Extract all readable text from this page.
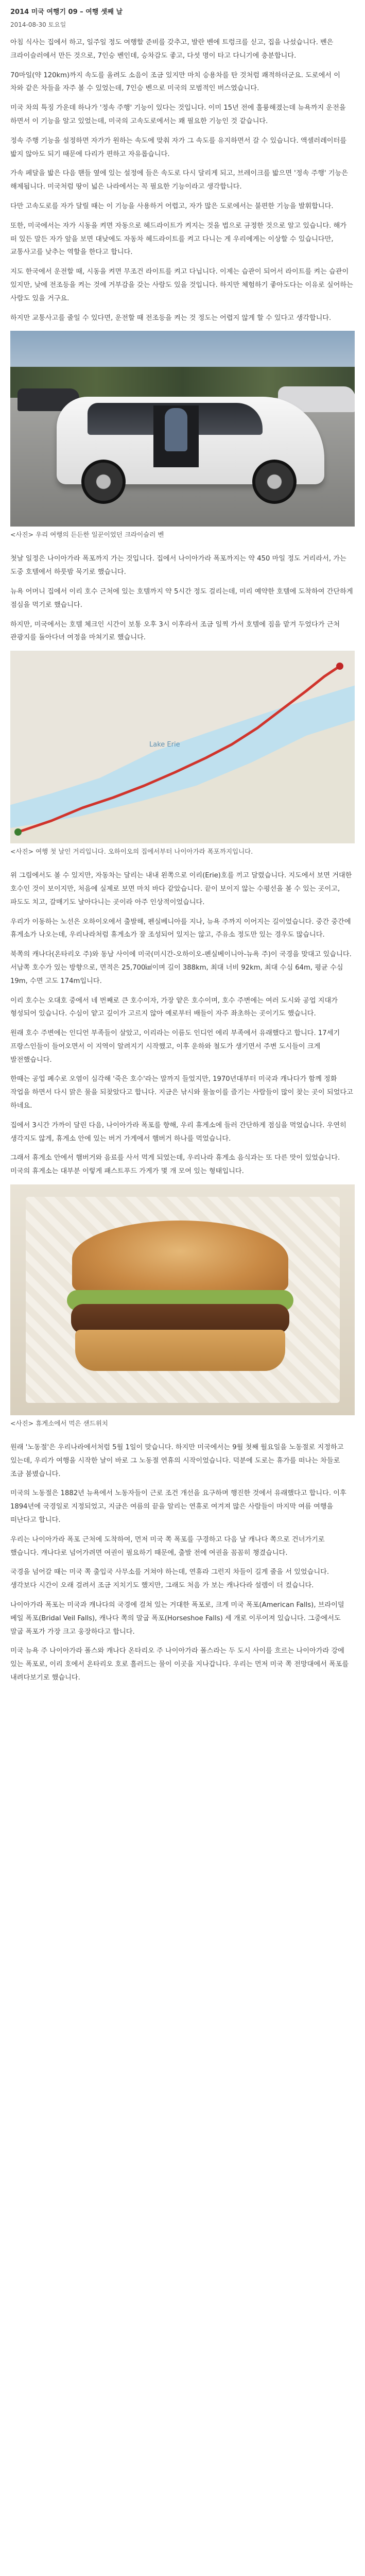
2014 미국 여행기 09 – 여행 셋째 날
2014-08-30 토요일

아침 식사는 집에서 하고, 일주일 정도 여행할 준비를 갖추고, 발란 벤에 트렁크를 싣고, 집을 나섰습니다. 벤은 크라이슬러에서 만든 것으로, 7인승 벤인데, 승차감도 좋고, 다섯 명이 타고 다니기에 충분합니다.

70마일(약 120km)까지 속도를 올려도 소음이 조금 있지만 마치 승용차를 탄 것처럼 쾌적하더군요. 도로에서 이 차와 같은 차들을 자주 볼 수 있었는데, 7인승 벤으로 미국의 모범적인 버스였습니다.

미국 차의 특징 가운데 하나가 '정속 주행' 기능이 있다는 것입니다. 이미 15년 전에 훌륭해졌는데 뉴욕까지 운전을 하면서 이 기능을 알고 있었는데, 미국의 고속도로에서는 꽤 필요한 기능인 것 같습니다.

정속 주행 기능을 설정하면 자가가 원하는 속도에 맞춰 자가 그 속도를 유지하면서 갈 수 있습니다. 액셀러레이터를 밟지 않아도 되기 때문에 다리가 편하고 자유롭습니다.

가속 페달을 밟은 다음 핸들 옆에 있는 설정에 들은 속도로 다시 달리게 되고, 브레이크를 밟으면 '정속 주행' 기능은 해제됩니다. 미국처럼 땅이 넓은 나라에서는 꼭 필요한 기능이라고 생각합니다.

다만 고속도로를 자가 달릴 때는 이 기능을 사용하거 어렵고, 자가 많은 도로에서는 불편한 기능을 발휘합니다.

또한, 미국에서는 자가 시동을 켜면 자동으로 헤드라이트가 켜지는 것을 법으로 규정한 것으로 알고 있습니다. 해가 떠 있든 말든 자가 앞을 보면 대낮에도 자동차 헤드라이트를 켜고 다니는 게 우리에게는 이상할 수 있습니다만, 교통사고를 낮추는 역할을 한다고 합니다.

지도 한국에서 운전할 때, 시동을 켜면 무조건 라이트를 켜고 다닙니다. 이제는 습관이 되어서 라이트를 켜는 습관이 있지만, 낮에 전조등을 켜는 것에 거부감을 갖는 사람도 있을 것입니다. 하지만 체험하기 좋아도다는 이유로 실어하는 사람도 있을 거구요.

하지만 교통사고를 줄일 수 있다면, 운전할 때 전조등을 켜는 것 정도는 어렵지 않게 할 수 있다고 생각합니다.

<사진> 우리 여행의 든든한 일꾼이었던 크라이슬러 벤

첫날 일정은 나이아가라 폭포까지 가는 것입니다. 집에서 나이아가라 폭포까지는 약 450 마일 정도 거리라서, 가는 도중 호텔에서 하룻밤 묵기로 했습니다.

뉴욕 어머니 집에서 이리 호수 근처에 있는 호텔까지 약 5시간 정도 걸리는데, 미리 예약한 호텔에 도착하여 간단하게 점심을 먹기로 했습니다.

하지만, 미국에서는 호텔 체크인 시간이 보통 오후 3시 이후라서 조금 일찍 가서 호텔에 짐을 맡겨 두었다가 근처 관광지를 돌아다녀 여정을 마쳐기로 했습니다.

Lake Erie
<사진> 여행 첫 날인 거리입니다. 오하이오의 집에서부터 나이아가라 폭포까지입니다.

위 그림에서도 볼 수 있지만, 자동차는 달리는 내내 왼쪽으로 이리(Erie)호를 끼고 달렸습니다. 지도에서 보면 거대한 호수인 것이 보이지만, 처음에 실제로 보면 마치 바다 같았습니다. 끝이 보이지 않는 수평선을 볼 수 있는 곳이고, 파도도 치고, 갈매기도 날아다니는 곳이라 아주 인상적이었습니다.

우리가 이동하는 노선은 오하이오에서 출발해, 펜실베니아를 지나, 뉴욕 주까지 이어지는 길이었습니다. 중간 중간에 휴게소가 나오는데, 우리나라처럼 휴게소가 잘 조성되어 있지는 않고, 주유소 정도만 있는 경우도 많습니다.

북쪽의 캐나다(온타리오 주)와 동남 사이에 미국(미시간-오하이오-펜실베이니아-뉴욕 주)이 국경을 맞대고 있습니다. 서남쪽 호수가 있는 방향으로, 면적은 25,700㎢이며 길이 388km, 최대 너비 92km, 최대 수심 64m, 평균 수심 19m, 수면 고도 174m입니다.

이리 호수는 오대호 중에서 네 번째로 큰 호수이자, 가장 얕은 호수이며, 호수 주변에는 여러 도시와 공업 지대가 형성되어 있습니다. 수심이 얕고 깊이가 고르지 않아 예로부터 배들이 자주 좌초하는 곳이기도 했습니다.

원래 호수 주변에는 인디언 부족들이 살았고, 이리라는 이름도 인디언 에리 부족에서 유래했다고 합니다. 17세기 프랑스인들이 들어오면서 이 지역이 알려지기 시작했고, 이후 운하와 철도가 생기면서 주변 도시들이 크게 발전했습니다.

한때는 공업 폐수로 오염이 심각해 '죽은 호수'라는 말까지 들었지만, 1970년대부터 미국과 캐나다가 함께 정화 작업을 하면서 다시 맑은 물을 되찾았다고 합니다. 지금은 낚시와 물놀이를 즐기는 사람들이 많이 찾는 곳이 되었다고 하네요.

집에서 3시간 가까이 달린 다음, 나이아가라 폭포를 향해, 우리 휴게소에 들러 간단하게 점심을 먹었습니다. 우연히 생각지도 않게, 휴게소 안에 있는 버거 가게에서 햄버거 하나를 먹었습니다.

그래서 휴게소 안에서 햄버거와 음료를 사서 먹게 되었는데, 우리나라 휴게소 음식과는 또 다른 맛이 있었습니다. 미국의 휴게소는 대부분 이렇게 패스트푸드 가게가 몇 개 모여 있는 형태입니다.

<사진> 휴게소에서 먹은 샌드위치

원래 '노동절'은 우리나라에서처럼 5월 1일이 맞습니다. 하지만 미국에서는 9월 첫째 월요일을 노동절로 지정하고 있는데, 우리가 여행을 시작한 날이 바로 그 노동절 연휴의 시작이었습니다. 덕분에 도로는 휴가를 떠나는 차들로 조금 붐볐습니다.

미국의 노동절은 1882년 뉴욕에서 노동자들이 근로 조건 개선을 요구하며 행진한 것에서 유래했다고 합니다. 이후 1894년에 국경일로 지정되었고, 지금은 여름의 끝을 알리는 연휴로 여겨져 많은 사람들이 마지막 여름 여행을 떠난다고 합니다.

우리는 나이아가라 폭포 근처에 도착하여, 먼저 미국 쪽 폭포를 구경하고 다음 날 캐나다 쪽으로 건너가기로 했습니다. 캐나다로 넘어가려면 여권이 필요하기 때문에, 출발 전에 여권을 꼼꼼히 챙겼습니다.

국경을 넘어갈 때는 미국 쪽 출입국 사무소를 거쳐야 하는데, 연휴라 그런지 차들이 길게 줄을 서 있었습니다. 생각보다 시간이 오래 걸려서 조금 지치기도 했지만, 그래도 처음 가 보는 캐나다라 설렘이 더 컸습니다.

나이아가라 폭포는 미국과 캐나다의 국경에 걸쳐 있는 거대한 폭포로, 크게 미국 폭포(American Falls), 브라이덜 베일 폭포(Bridal Veil Falls), 캐나다 쪽의 말굽 폭포(Horseshoe Falls) 세 개로 이루어져 있습니다. 그중에서도 말굽 폭포가 가장 크고 웅장하다고 합니다.

미국 뉴욕 주 나이아가라 폴스와 캐나다 온타리오 주 나이아가라 폴스라는 두 도시 사이를 흐르는 나이아가라 강에 있는 폭포로, 이리 호에서 온타리오 호로 흘러드는 물이 이곳을 지나갑니다. 우리는 먼저 미국 쪽 전망대에서 폭포를 내려다보기로 했습니다.
